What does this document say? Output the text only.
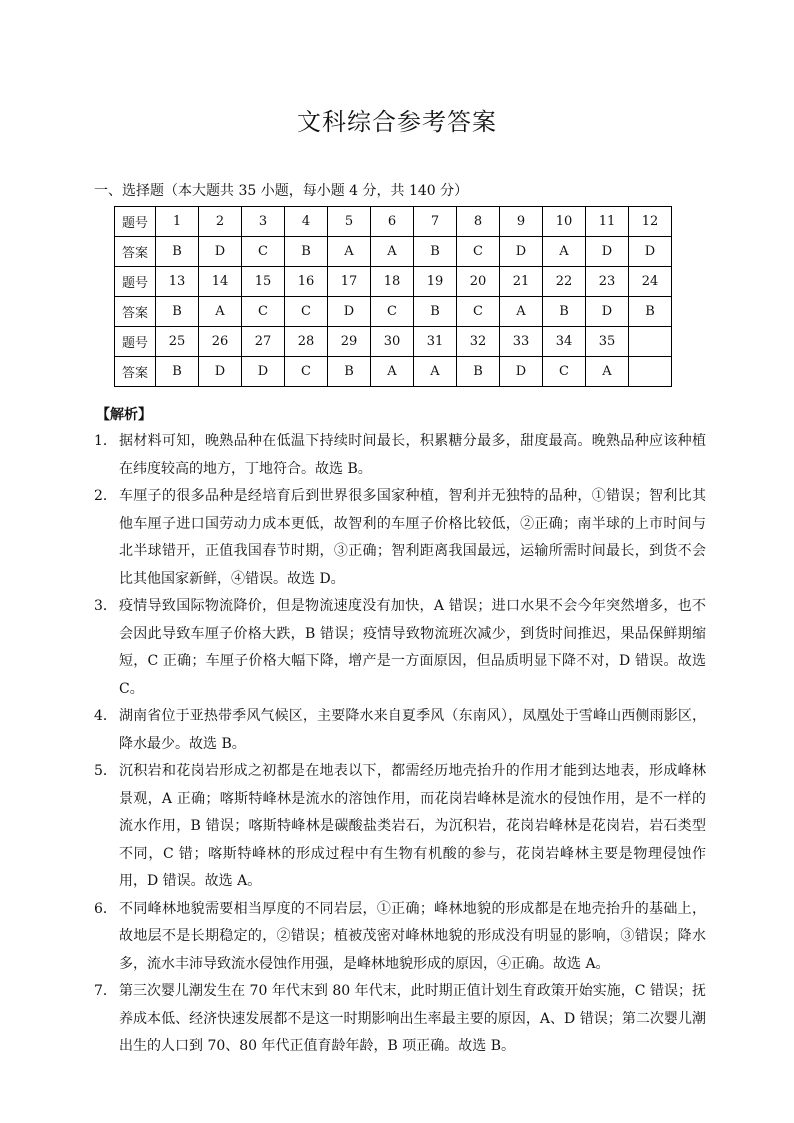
文科综合参考答案
一、选择题（本大题共 35 小题，每小题 4 分，共 140 分）
题号	1	2	3	4	5	6	7	8	9	10	11	12
答案	B	D	C	B	A	A	B	C	D	A	D	D
题号	13	14	15	16	17	18	19	20	21	22	23	24
答案	B	A	C	C	D	C	B	C	A	B	D	B
题号	25	26	27	28	29	30	31	32	33	34	35	
答案	B	D	D	C	B	A	A	B	D	C	A	
【解析】

1． 据材料可知，晚熟品种在低温下持续时间最长，积累糖分最多，甜度最高。晚熟品种应该种植在纬度较高的地方，丁地符合。故选 B。

2． 车厘子的很多品种是经培育后到世界很多国家种植，智利并无独特的品种，①错误；智利比其他车厘子进口国劳动力成本更低，故智利的车厘子价格比较低，②正确；南半球的上市时间与北半球错开，正值我国春节时期，③正确；智利距离我国最远，运输所需时间最长，到货不会比其他国家新鲜，④错误。故选 D。

3． 疫情导致国际物流降价，但是物流速度没有加快，A 错误；进口水果不会今年突然增多，也不会因此导致车厘子价格大跌，B 错误；疫情导致物流班次减少，到货时间推迟，果品保鲜期缩短，C 正确；车厘子价格大幅下降，增产是一方面原因，但品质明显下降不对，D 错误。故选 C。

4． 湖南省位于亚热带季风气候区，主要降水来自夏季风（东南风），凤凰处于雪峰山西侧雨影区，降水最少。故选 B。

5． 沉积岩和花岗岩形成之初都是在地表以下，都需经历地壳抬升的作用才能到达地表，形成峰林景观，A 正确；喀斯特峰林是流水的溶蚀作用，而花岗岩峰林是流水的侵蚀作用，是不一样的流水作用，B 错误；喀斯特峰林是碳酸盐类岩石，为沉积岩，花岗岩峰林是花岗岩，岩石类型不同，C 错；喀斯特峰林的形成过程中有生物有机酸的参与，花岗岩峰林主要是物理侵蚀作用，D 错误。故选 A。

6． 不同峰林地貌需要相当厚度的不同岩层，①正确；峰林地貌的形成都是在地壳抬升的基础上，故地层不是长期稳定的，②错误；植被茂密对峰林地貌的形成没有明显的影响，③错误；降水多，流水丰沛导致流水侵蚀作用强，是峰林地貌形成的原因，④正确。故选 A。

7． 第三次婴儿潮发生在 70 年代末到 80 年代末，此时期正值计划生育政策开始实施，C 错误；抚养成本低、经济快速发展都不是这一时期影响出生率最主要的原因，A、D 错误；第二次婴儿潮出生的人口到 70、80 年代正值育龄年龄，B 项正确。故选 B。
